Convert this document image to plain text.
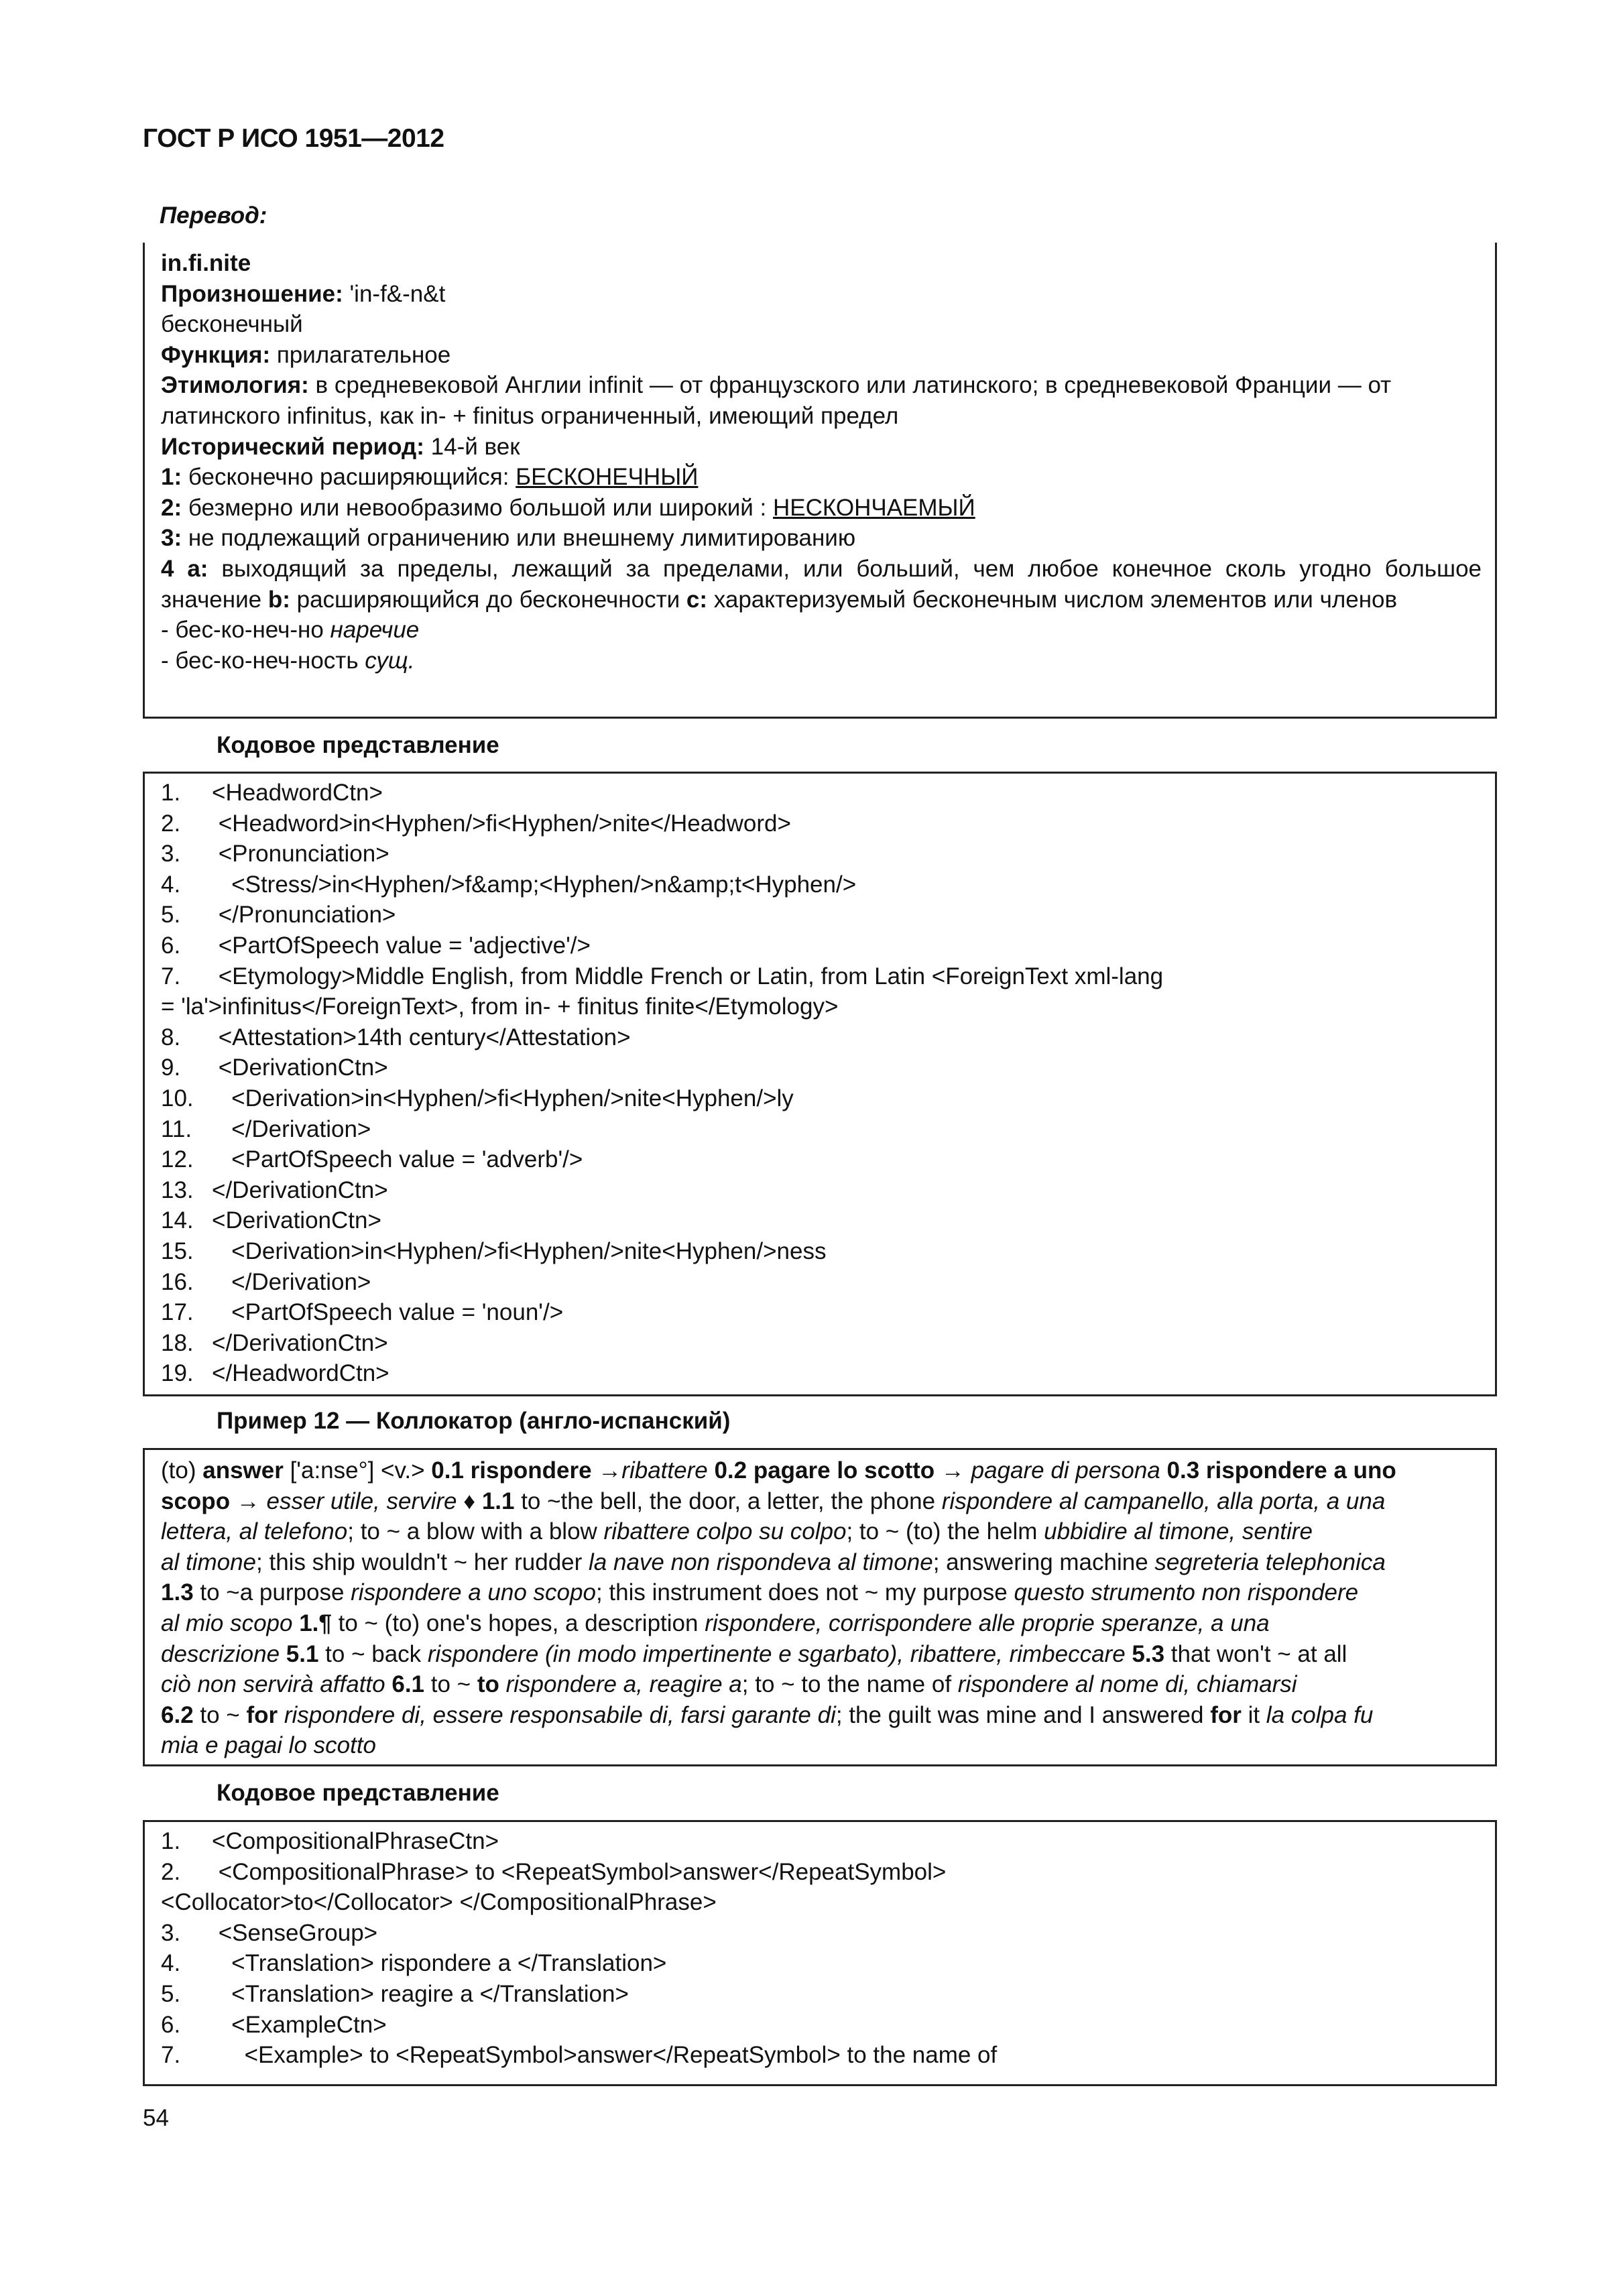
ГОСТ Р ИСО 1951—2012
Перевод:
in.fi.nite
Произношение: 'in-f&-n&t
бесконечный
Функция: прилагательное
Этимология: в средневековой Англии infinit — от французского или латинского; в средневековой Франции — от
латинского infinitus, как in- + finitus ограниченный, имеющий предел
Исторический период: 14-й век
1: бесконечно расширяющийся: БЕСКОНЕЧНЫЙ
2: безмерно или невообразимо большой или широкий : НЕСКОНЧАЕМЫЙ
3: не подлежащий ограничению или внешнему лимитированию
4 a: выходящий за пределы, лежащий за пределами, или больший, чем любое конечное сколь угодно большое значение b: расширяющийся до бесконечности c: характеризуемый бесконечным числом элементов или членов
- бес-ко-неч-но наречие
- бес-ко-неч-ность сущ.
Кодовое представление
1. <HeadwordCtn>
2. <Headword>in<Hyphen/>fi<Hyphen/>nite</Headword>
3. <Pronunciation>
4.   <Stress/>in<Hyphen/>f&amp;<Hyphen/>n&amp;t<Hyphen/>
5. </Pronunciation>
6. <PartOfSpeech value = 'adjective'/>
7. <Etymology>Middle English, from Middle French or Latin, from Latin <ForeignText xml-lang
= 'la'>infinitus</ForeignText>, from in- + finitus finite</Etymology>
8. <Attestation>14th century</Attestation>
9. <DerivationCtn>
10.   <Derivation>in<Hyphen/>fi<Hyphen/>nite<Hyphen/>ly
11.   </Derivation>
12.   <PartOfSpeech value = 'adverb'/>
13. </DerivationCtn>
14. <DerivationCtn>
15.   <Derivation>in<Hyphen/>fi<Hyphen/>nite<Hyphen/>ness
16.   </Derivation>
17.   <PartOfSpeech value = 'noun'/>
18. </DerivationCtn>
19. </HeadwordCtn>
Пример 12 — Коллокатор (англо-испанский)
(to) answer ['a:nse°] <v.> 0.1 rispondere →ribattere 0.2 pagare lo scotto → pagare di persona 0.3 rispondere a uno
scopo → esser utile, servire ♦ 1.1 to ~the bell, the door, a letter, the phone rispondere al campanello, alla porta, a una
lettera, al telefono; to ~ a blow with a blow ribattere colpo su colpo; to ~ (to) the helm ubbidire al timone, sentire
al timone; this ship wouldn't ~ her rudder la nave non rispondeva al timone; answering machine segreteria telephonica
1.3 to ~a purpose rispondere a uno scopo; this instrument does not ~ my purpose questo strumento non rispondere
al mio scopo 1.¶ to ~ (to) one's hopes, a description rispondere, corrispondere alle proprie speranze, a una
descrizione 5.1 to ~ back rispondere (in modo impertinente e sgarbato), ribattere, rimbeccare 5.3 that won't ~ at all
ciò non servirà affatto 6.1 to ~ to rispondere a, reagire a; to ~ to the name of rispondere al nome di, chiamarsi
6.2 to ~ for rispondere di, essere responsabile di, farsi garante di; the guilt was mine and I answered for it la colpa fu
mia e pagai lo scotto
Кодовое представление
1. <CompositionalPhraseCtn>
2. <CompositionalPhrase> to <RepeatSymbol>answer</RepeatSymbol>
<Collocator>to</Collocator> </CompositionalPhrase>
3. <SenseGroup>
4.   <Translation> rispondere a </Translation>
5.   <Translation> reagire a </Translation>
6.   <ExampleCtn>
7.     <Example> to <RepeatSymbol>answer</RepeatSymbol> to the name of
54
